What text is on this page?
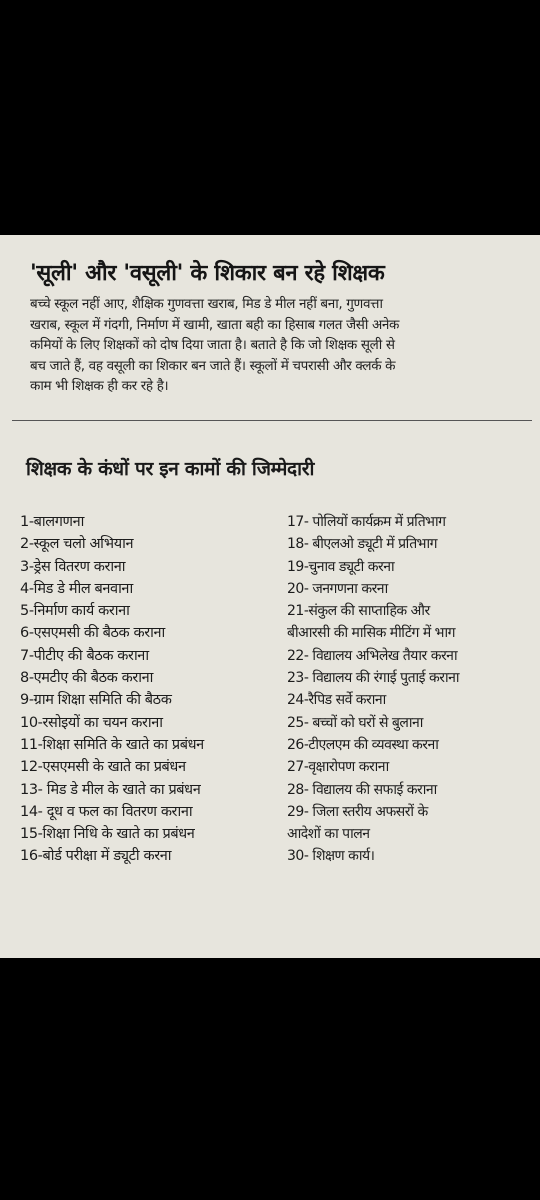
'सूली' और 'वसूली' के शिकार बन रहे शिक्षक
बच्चे स्कूल नहीं आए, शैक्षिक गुणवत्ता खराब, मिड डे मील नहीं बना, गुणवत्ता
खराब, स्कूल में गंदगी, निर्माण में खामी, खाता बही का हिसाब गलत जैसी अनेक
कमियों के लिए शिक्षकों को दोष दिया जाता है। बताते है कि जो शिक्षक सूली से
बच जाते हैं, वह वसूली का शिकार बन जाते हैं। स्कूलों में चपरासी और क्लर्क के
काम भी शिक्षक ही कर रहे है।
शिक्षक के कंधों पर इन कामों की जिम्मेदारी
1-बालगणना
2-स्कूल चलो अभियान
3-ड्रेस वितरण कराना
4-मिड डे मील बनवाना
5-निर्माण कार्य कराना
6-एसएमसी की बैठक कराना
7-पीटीए की बैठक कराना
8-एमटीए की बैठक कराना
9-ग्राम शिक्षा समिति की बैठक
10-रसोइयों का चयन कराना
11-शिक्षा समिति के खाते का प्रबंधन
12-एसएमसी के खाते का प्रबंधन
13- मिड डे मील के खाते का प्रबंधन
14- दूध व फल का वितरण कराना
15-शिक्षा निधि के खाते का प्रबंधन
16-बोर्ड परीक्षा में ड्यूटी करना
17- पोलियों कार्यक्रम में प्रतिभाग
18- बीएलओ ड्यूटी में प्रतिभाग
19-चुनाव ड्यूटी करना
20- जनगणना करना
21-संकुल की साप्ताहिक और
बीआरसी की मासिक मीटिंग में भाग
22- विद्यालय अभिलेख तैयार करना
23- विद्यालय की रंगाई पुताई कराना
24-रैपिड सर्वे कराना
25- बच्चों को घरों से बुलाना
26-टीएलएम की व्यवस्था करना
27-वृक्षारोपण कराना
28- विद्यालय की सफाई कराना
29- जिला स्तरीय अफसरों के
आदेशों का पालन
30- शिक्षण कार्य।
